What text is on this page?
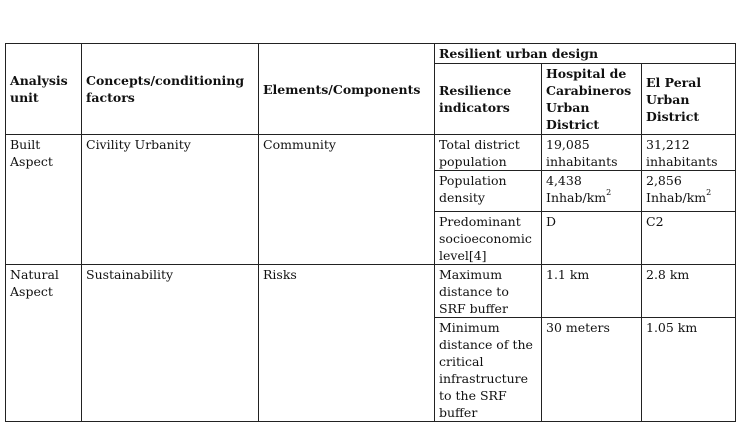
Analysis unit	Concepts/conditioning factors	Elements/Components	Resilient urban design		
			Resilience indicators	Hospital de Carabineros Urban District	El Peral Urban District
Built Aspect	Civility Urbanity	Community	Total district population	19,085 inhabitants	31,212 inhabitants
			Population density	4,438 Inhab/$km^2$	2,856 Inhab/$km^2$
			Predominant socioeconomic level[4]	D	C2
Natural Aspect	Sustainability	Risks	Maximum distance to SRF buffer	1.1 km	2.8 km
			Minimum distance of the critical infrastructure to the SRF buffer	30 meters	1.05 km
